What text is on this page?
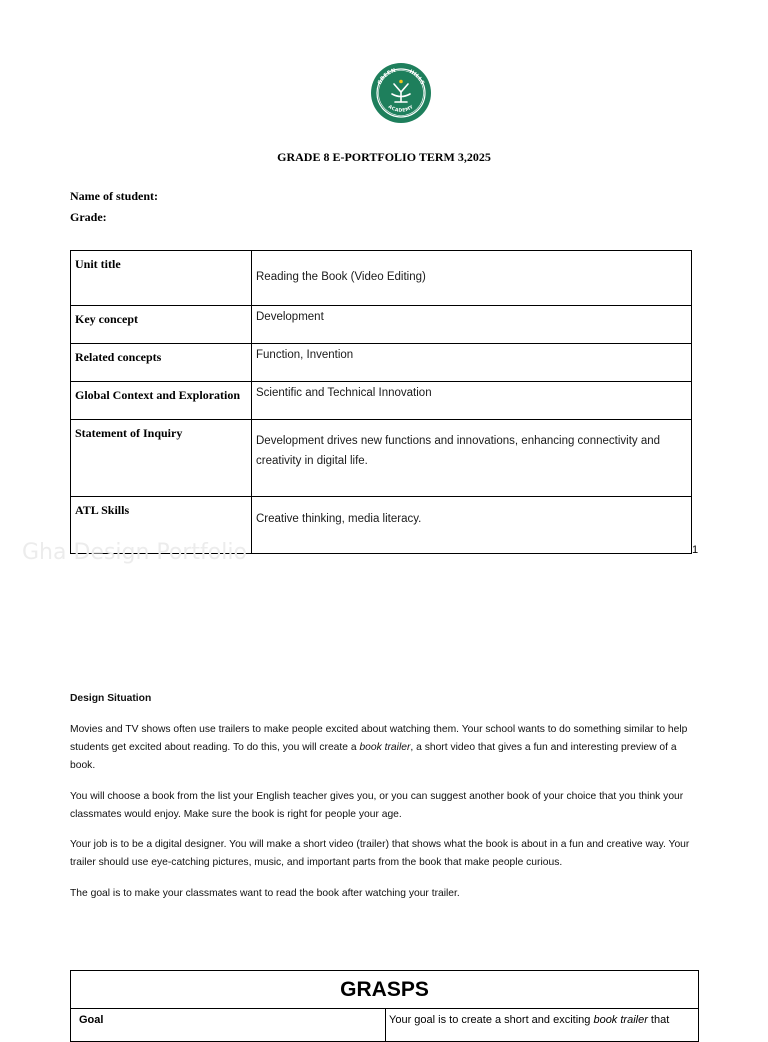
GREEN HILLS
ACADEMY
GRADE 8 E-PORTFOLIO TERM 3,2025
Name of student:
Grade:
Unit title	Reading the Book (Video Editing)
Key concept	Development
Related concepts	Function, Invention
Global Context and Exploration	Scientific and Technical Innovation
Statement of Inquiry	Development drives new functions and innovations, enhancing connectivity and creativity in digital life.
ATL Skills	Creative thinking, media literacy.
Gha Design Portfolio	1
Design Situation

Movies and TV shows often use trailers to make people excited about watching them. Your school wants to do something similar to help students get excited about reading. To do this, you will create a book trailer, a short video that gives a fun and interesting preview of a book.

You will choose a book from the list your English teacher gives you, or you can suggest another book of your choice that you think your classmates would enjoy. Make sure the book is right for people your age.

Your job is to be a digital designer. You will make a short video (trailer) that shows what the book is about in a fun and creative way. Your trailer should use eye-catching pictures, music, and important parts from the book that make people curious.

The goal is to make your classmates want to read the book after watching your trailer.

GRASPS
Goal	Your goal is to create a short and exciting book trailer that
